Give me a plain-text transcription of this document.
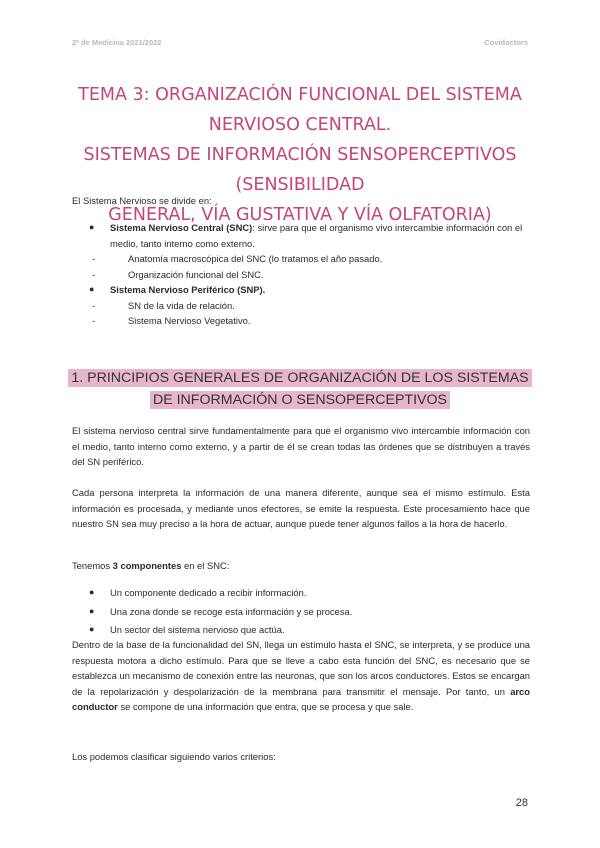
2º de Medicina 2021/2022	Covidoctors
TEMA 3: ORGANIZACIÓN FUNCIONAL DEL SISTEMA NERVIOSO CENTRAL.
SISTEMAS DE INFORMACIÓN SENSOPERCEPTIVOS (SENSIBILIDAD
GENERAL, VÍA GUSTATIVA Y VÍA OLFATORIA)
El Sistema Nervioso se divide en:
● Sistema Nervioso Central (SNC): sirve para que el organismo vivo intercambie información con el medio, tanto interno como externo.
-	Anatomía macroscópica del SNC (lo tratamos el año pasado.
-	Organización funcional del SNC.
● Sistema Nervioso Periférico (SNP).
-	SN de la vida de relación.
-	Sistema Nervioso Vegetativo.
1. PRINCIPIOS GENERALES DE ORGANIZACIÓN DE LOS SISTEMAS
DE INFORMACIÓN O SENSOPERCEPTIVOS
El sistema nervioso central sirve fundamentalmente para que el organismo vivo intercambie información con el medio, tanto interno como externo, y a partir de él se crean todas las órdenes que se distribuyen a través del SN periférico.
Cada persona interpreta la información de una manera diferente, aunque sea el mismo estímulo. Esta información es procesada, y mediante unos efectores, se emite la respuesta. Este procesamiento hace que nuestro SN sea muy preciso a la hora de actuar, aunque puede tener algunos fallos a la hora de hacerlo.
Tenemos 3 componentes en el SNC:
● Un componente dedicado a recibir información.
● Una zona donde se recoge esta información y se procesa.
● Un sector del sistema nervioso que actúa.
Dentro de la base de la funcionalidad del SN, llega un estímulo hasta el SNC, se interpreta, y se produce una respuesta motora a dicho estímulo. Para que se lleve a cabo esta función del SNC, es necesario que se establezca un mecanismo de conexión entre las neuronas, que son los arcos conductores. Estos se encargan de la repolarización y despolarización de la membrana para transmitir el mensaje. Por tanto, un arco conductor se compone de una información que entra, que se procesa y que sale.
Los podemos clasificar siguiendo varios criterios:
28
